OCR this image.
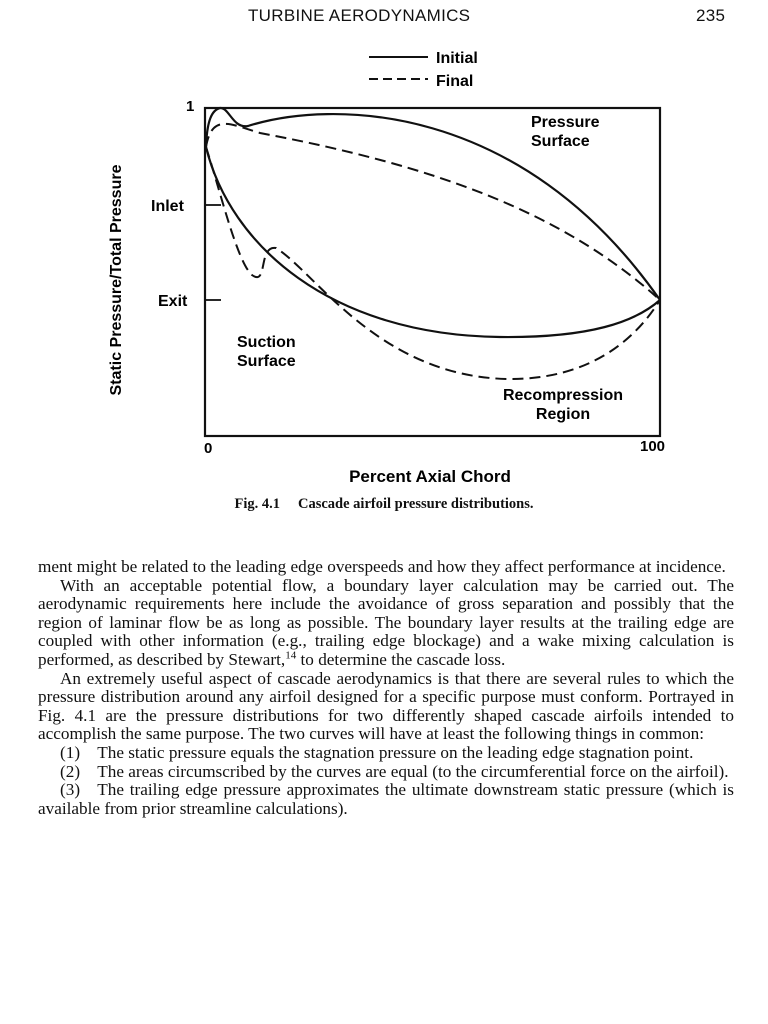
TURBINE AERODYNAMICS	235
Initial
Final
Static Pressure/Total Pressure
1
Inlet
Exit
0	100
Percent Axial Chord
Pressure
Surface
Suction
Surface
Recompression
Region
Fig. 4.1 Cascade airfoil pressure distributions.

ment might be related to the leading edge overspeeds and how they affect performance at incidence.

With an acceptable potential flow, a boundary layer calculation may be carried out. The aerodynamic requirements here include the avoidance of gross separation and possibly that the region of laminar flow be as long as possible. The boundary layer results at the trailing edge are coupled with other information (e.g., trailing edge blockage) and a wake mixing calculation is performed, as described by Stewart,$^{14}$ to determine the cascade loss.

An extremely useful aspect of cascade aerodynamics is that there are several rules to which the pressure distribution around any airfoil designed for a specific purpose must conform. Portrayed in Fig. 4.1 are the pressure distributions for two differently shaped cascade airfoils intended to accomplish the same purpose. The two curves will have at least the following things in common:

(1) The static pressure equals the stagnation pressure on the leading edge stagnation point.

(2) The areas circumscribed by the curves are equal (to the circumferential force on the airfoil).

(3) The trailing edge pressure approximates the ultimate downstream static pressure (which is available from prior streamline calculations).
